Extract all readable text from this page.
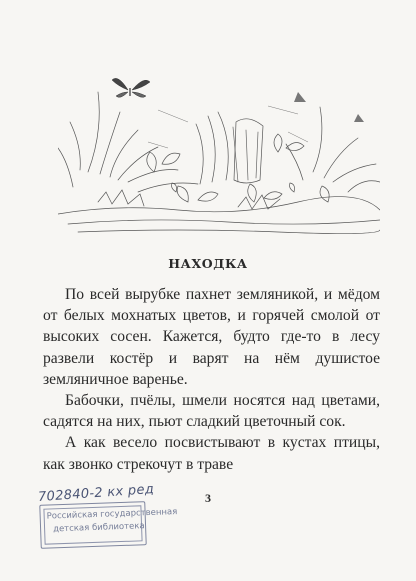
НАХОДКА

По всей вырубке пахнет земляникой, и мёдом от белых мохнатых цветов, и горячей смолой от высоких сосен. Кажется, будто где-то в лесу развели костёр и варят на нём душистое земляничное варенье.

Бабочки, пчёлы, шмели носятся над цветами, садятся на них, пьют сладкий цветочный сок.

А как весело посвистывают в кустах птицы, как звонко стрекочут в траве

702840-2 кх ред	3
Российская государственная
детская библиотека
